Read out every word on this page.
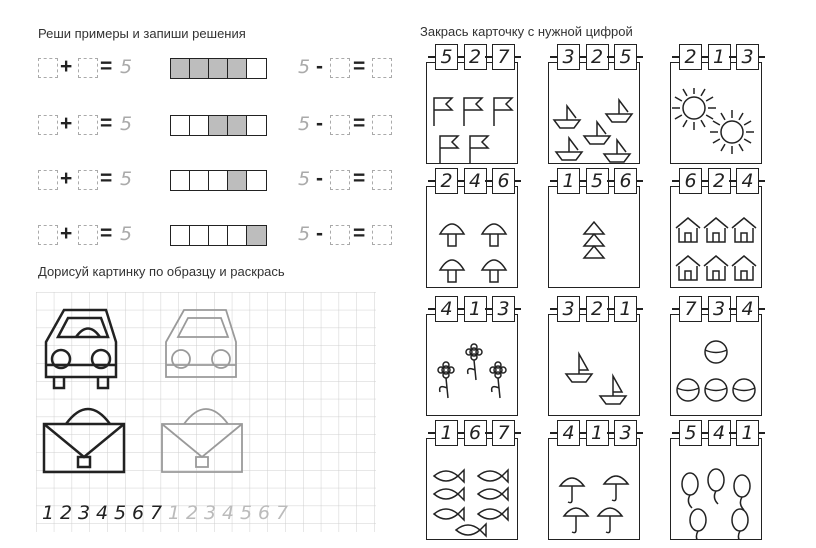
Реши примеры и запиши решения
Дорисуй картинку по образцу и раскрась
Закрась карточку с нужной цифрой
+ = 5	5 - =
+ = 5	5 - =
+ = 5	5 - =
+ = 5	5 - =
1 2 3 4 5 6 7 1 2 3 4 5 6 7
5 2 7	3 2 5	2 1 3
2 4 6	1 5 6	6 2 4
4 1 3	3 2 1	7 3 4
1 6 7	4 1 3	5 4 1
